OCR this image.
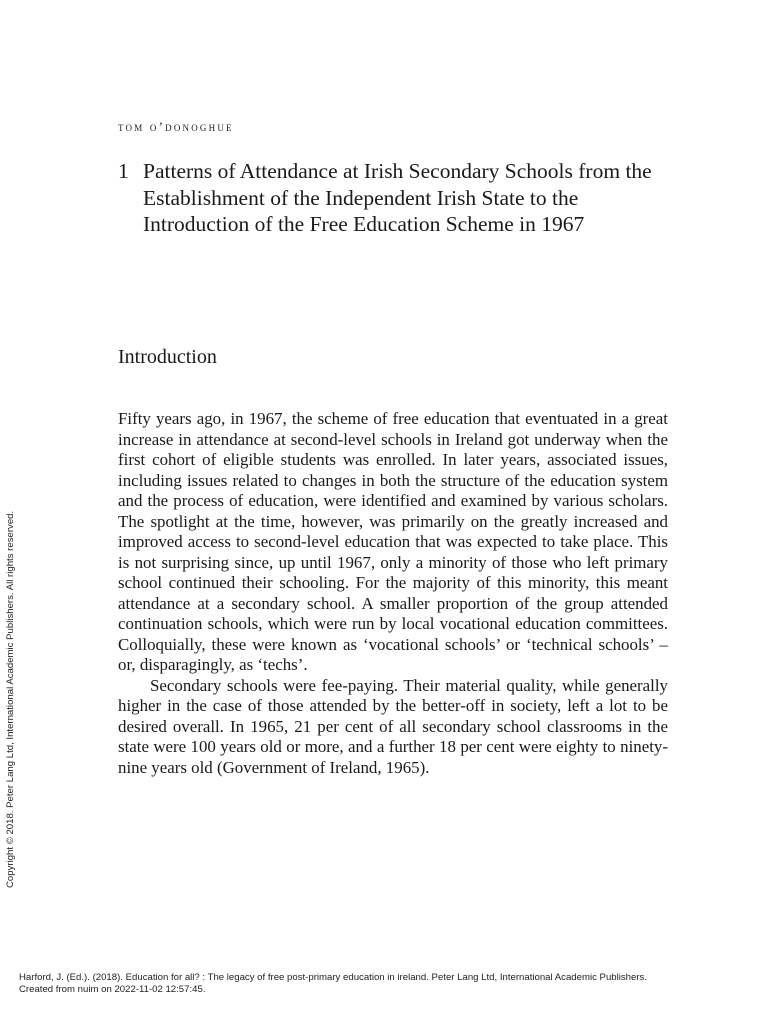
tom o’donoghue
1 Patterns of Attendance at Irish Secondary Schools from the Establishment of the Independent Irish State to the Introduction of the Free Education Scheme in 1967
Introduction

Fifty years ago, in 1967, the scheme of free education that eventuated in a great increase in attendance at second-level schools in Ireland got underway when the first cohort of eligible students was enrolled. In later years, associated issues, including issues related to changes in both the structure of the education system and the process of education, were identified and examined by various scholars. The spotlight at the time, however, was primarily on the greatly increased and improved access to second-level education that was expected to take place. This is not surprising since, up until 1967, only a minority of those who left primary school continued their schooling. For the majority of this minority, this meant attendance at a secondary school. A smaller proportion of the group attended continuation schools, which were run by local vocational education committees. Colloquially, these were known as ‘vocational schools’ or ‘technical schools’ – or, disparagingly, as ‘techs’.

Secondary schools were fee-paying. Their material quality, while generally higher in the case of those attended by the better-off in society, left a lot to be desired overall. In 1965, 21 per cent of all secondary school classrooms in the state were 100 years old or more, and a further 18 per cent were eighty to ninety-nine years old (Government of Ireland, 1965).

Copyright © 2018. Peter Lang Ltd, International Academic Publishers. All rights reserved.
Harford, J. (Ed.). (2018). Education for all? : The legacy of free post-primary education in ireland. Peter Lang Ltd, International Academic Publishers.
Created from nuim on 2022-11-02 12:57:45.
